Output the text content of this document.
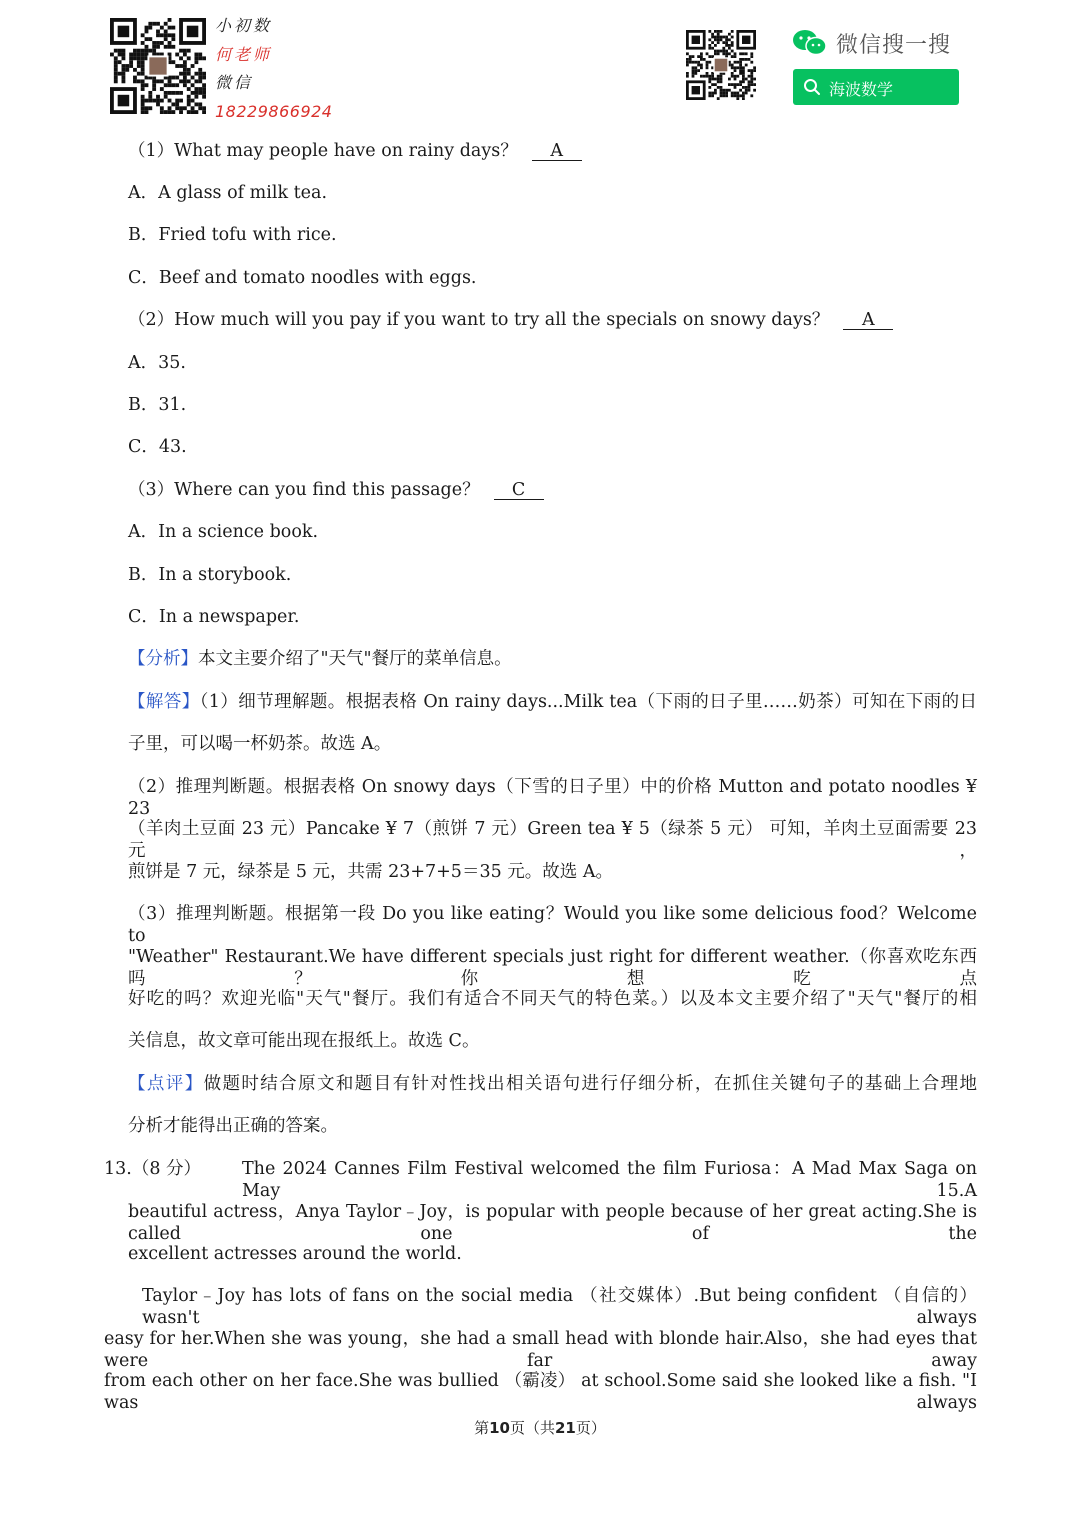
小初数
何老师
微信
18229866924
微信搜一搜
海波数学
（1）What may people have on rainy days？ A
A．A glass of milk tea.
B．Fried tofu with rice.
C．Beef and tomato noodles with eggs.
（2）How much will you pay if you want to try all the specials on snowy days？ A
A．35.
B．31.
C．43.
（3）Where can you find this passage？ C
A．In a science book.
B．In a storybook.
C．In a newspaper.
【分析】本文主要介绍了"天气"餐厅的菜单信息。
【解答】（1）细节理解题。根据表格 On rainy days...Milk tea（下雨的日子里……奶茶）可知在下雨的日
子里，可以喝一杯奶茶。故选 A。
（2）推理判断题。根据表格 On snowy days（下雪的日子里）中的价格 Mutton and potato noodles ¥ 23
（羊肉土豆面 23 元）Pancake ¥ 7（煎饼 7 元）Green tea ¥ 5（绿茶 5 元） 可知，羊肉土豆面需要 23 元，
煎饼是 7 元，绿茶是 5 元，共需 23+7+5＝35 元。故选 A。
（3）推理判断题。根据第一段 Do you like eating？Would you like some delicious food？Welcome to
"Weather" Restaurant.We have different specials just right for different weather.（你喜欢吃东西吗？你想吃点
好吃的吗？欢迎光临"天气"餐厅。我们有适合不同天气的特色菜。）以及本文主要介绍了"天气"餐厅的相
关信息，故文章可能出现在报纸上。故选 C。
【点评】做题时结合原文和题目有针对性找出相关语句进行仔细分析，在抓住关键句子的基础上合理地
分析才能得出正确的答案。
13.（8 分） The 2024 Cannes Film Festival welcomed the film Furiosa：A Mad Max Saga on May 15.A
beautiful actress，Anya Taylor﹣Joy，is popular with people because of her great acting.She is called one of the
excellent actresses around the world.
Taylor﹣Joy has lots of fans on the social media （社交媒体）.But being confident （自信的） wasn't always
easy for her.When she was young，she had a small head with blonde hair.Also，she had eyes that were far away
from each other on her face.She was bullied （霸凌） at school.Some said she looked like a fish. "I was always
第10页（共21页）
